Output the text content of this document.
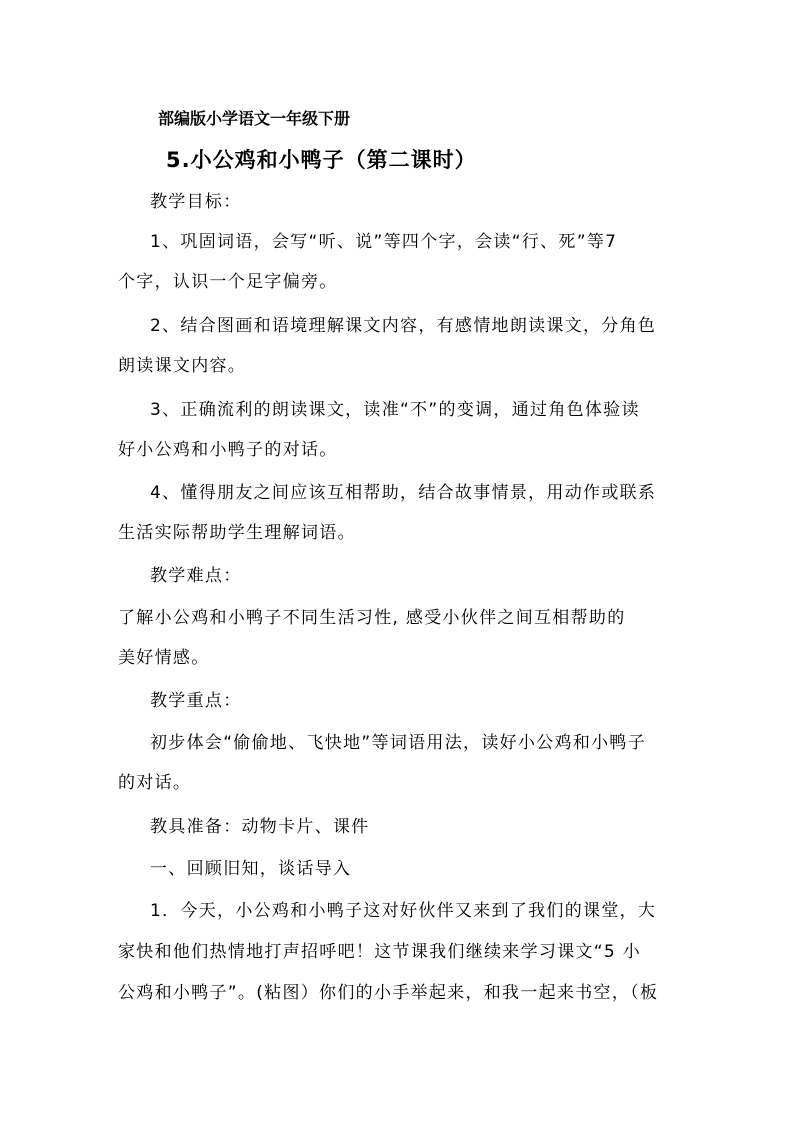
部编版小学语文一年级下册
5.小公鸡和小鸭子（第二课时）
教学目标：
1、巩固词语，会写“听、说”等四个字，会读“行、死”等7
个字，认识一个足字偏旁。
2、结合图画和语境理解课文内容，有感情地朗读课文，分角色
朗读课文内容。
3、正确流利的朗读课文，读准“不”的变调，通过角色体验读
好小公鸡和小鸭子的对话。
4、懂得朋友之间应该互相帮助，结合故事情景，用动作或联系
生活实际帮助学生理解词语。
教学难点：
了解小公鸡和小鸭子不同生活习性, 感受小伙伴之间互相帮助的
美好情感。
教学重点：
初步体会“偷偷地、飞快地”等词语用法，读好小公鸡和小鸭子
的对话。
教具准备：动物卡片、课件
一、回顾旧知，谈话导入
1．今天，小公鸡和小鸭子这对好伙伴又来到了我们的课堂，大
家快和他们热情地打声招呼吧！这节课我们继续来学习课文“5 小
公鸡和小鸭子”。(粘图）你们的小手举起来，和我一起来书空，（板
